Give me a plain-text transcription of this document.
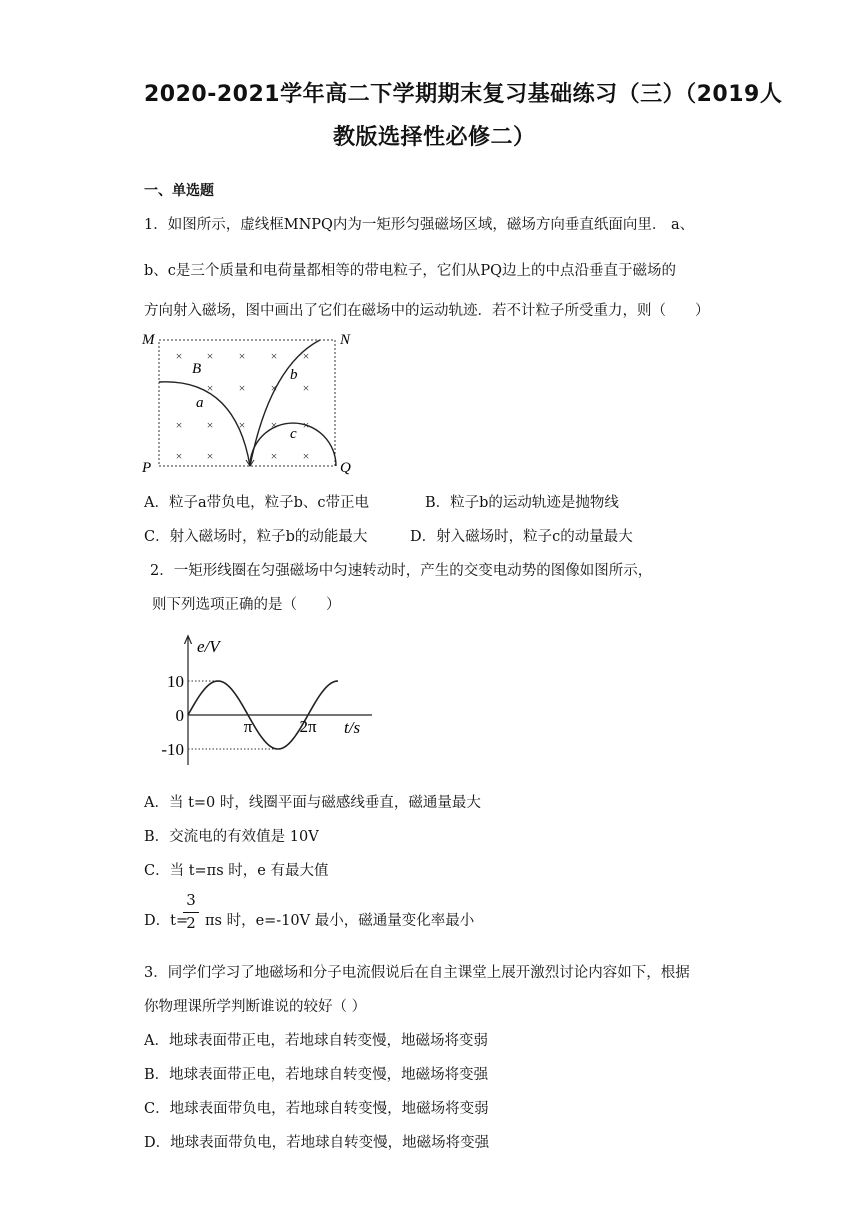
2020-2021学年高二下学期期末复习基础练习（三）（2019人
教版选择性必修二）
一、单选题
1．如图所示，虚线框MNPQ内为一矩形匀强磁场区域，磁场方向垂直纸面向里． a、
b、c是三个质量和电荷量都相等的带电粒子，它们从PQ边上的中点沿垂直于磁场的
方向射入磁场，图中画出了它们在磁场中的运动轨迹．若不计粒子所受重力，则（　　）
× × × × ×
× × × ×
× × × × ×
× ×	× ×
M	N
P	Q
B
a
b
c
A．粒子a带负电，粒子b、c带正电	B．粒子b的运动轨迹是抛物线
C．射入磁场时，粒子b的动能最大	D．射入磁场时，粒子c的动量最大
2．一矩形线圈在匀强磁场中匀速转动时，产生的交变电动势的图像如图所示，
则下列选项正确的是（　　）
10
0
-10
π	2π
e/V
t/s
A．当 t=0 时，线圈平面与磁感线垂直，磁通量最大
B．交流电的有效值是 10V
C．当 t=πs 时，e 有最大值
D．t=
$\frac{3}{2}$ πs 时，e=-10V 最小，磁通量变化率最小
3．同学们学习了地磁场和分子电流假说后在自主课堂上展开激烈讨论内容如下，根据
你物理课所学判断谁说的较好（ ）
A．地球表面带正电，若地球自转变慢，地磁场将变弱
B．地球表面带正电，若地球自转变慢，地磁场将变强
C．地球表面带负电，若地球自转变慢，地磁场将变弱
D．地球表面带负电，若地球自转变慢，地磁场将变强
